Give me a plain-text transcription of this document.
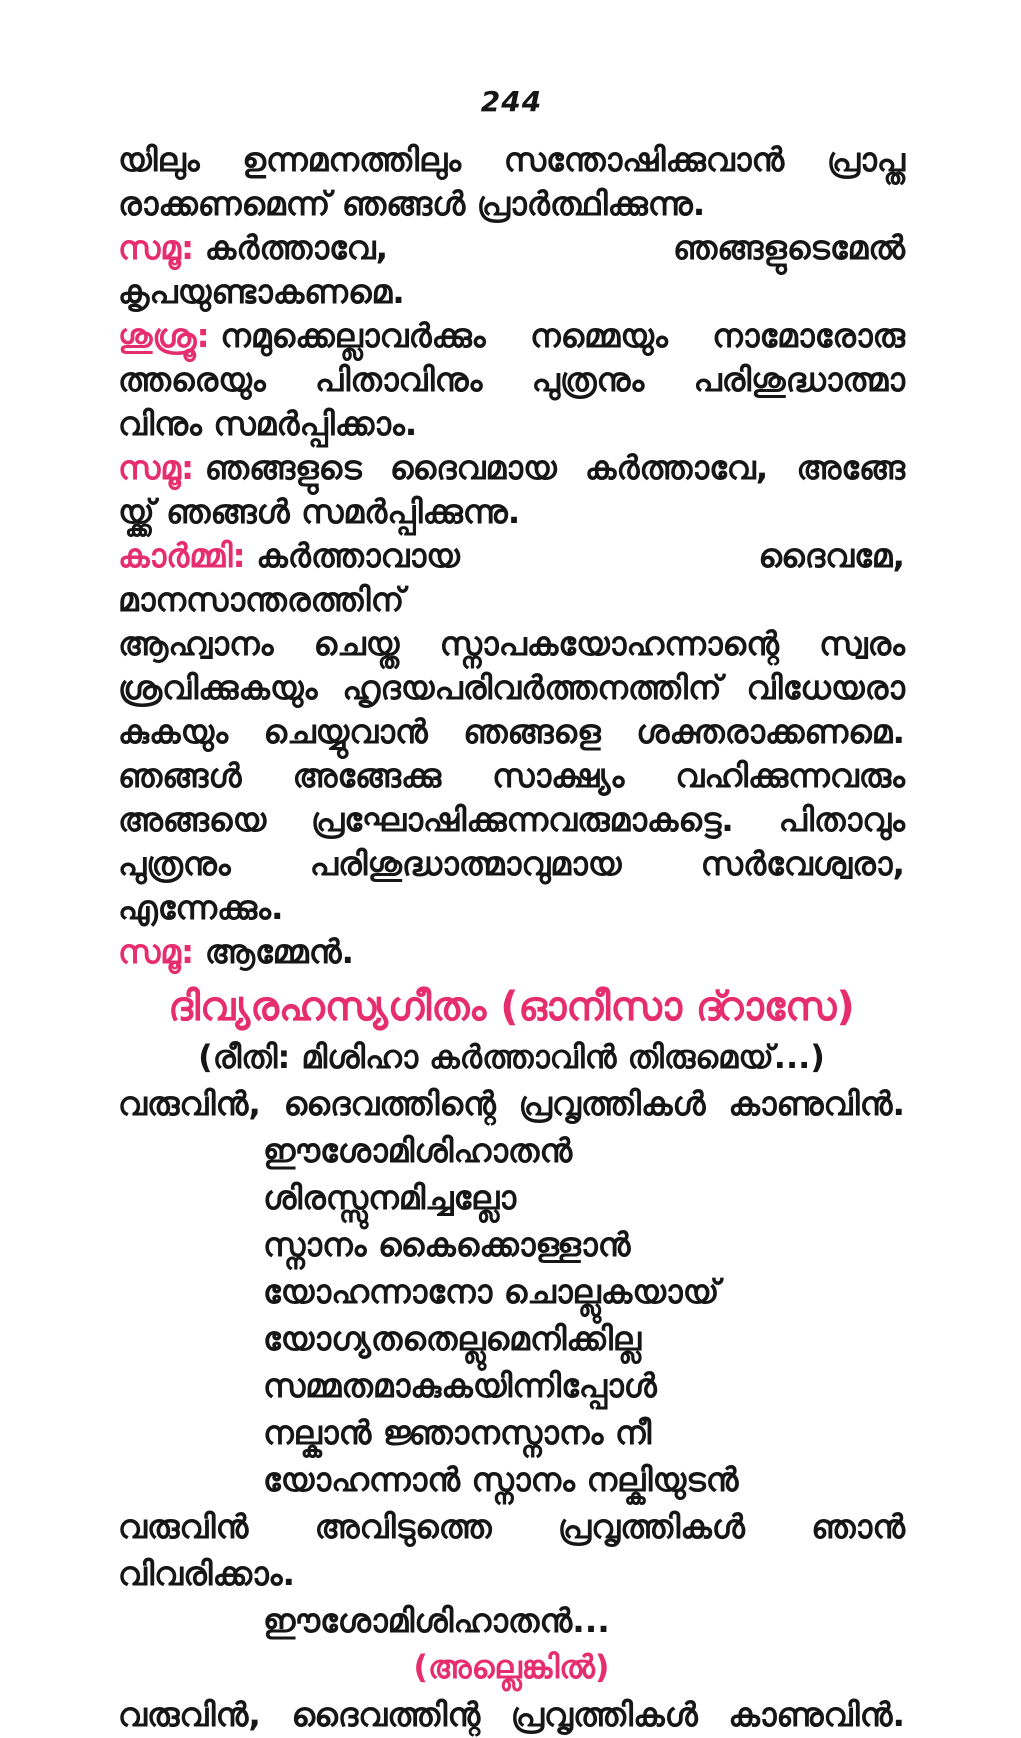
244
യിലും ഉന്നമനത്തിലും സന്തോഷിക്കുവാൻ പ്രാപ്ത
രാക്കണമെന്ന് ഞങ്ങൾ പ്രാർത്ഥിക്കുന്നു.
സമൂ: കർത്താവേ, ഞങ്ങളുടെമേൽ കൃപയുണ്ടാകണമെ.
ശുശ്രൂ: നമുക്കെല്ലാവർക്കും നമ്മെയും നാമോരോരു
ത്തരെയും പിതാവിനും പുത്രനും പരിശുദ്ധാത്മാ
വിനും സമർപ്പിക്കാം.
സമൂ: ഞങ്ങളുടെ ദൈവമായ കർത്താവേ, അങ്ങേ
യ്ക്ക് ഞങ്ങൾ സമർപ്പിക്കുന്നു.
കാർമ്മി: കർത്താവായ ദൈവമേ, മാനസാന്തരത്തിന്
ആഹ്വാനം ചെയ്ത സ്നാപകയോഹന്നാന്റെ സ്വരം
ശ്രവിക്കുകയും ഹൃദയപരിവർത്തനത്തിന് വിധേയരാ
കുകയും ചെയ്യുവാൻ ഞങ്ങളെ ശക്തരാക്കണമെ.
ഞങ്ങൾ അങ്ങേക്കു സാക്ഷ്യം വഹിക്കുന്നവരും
അങ്ങയെ പ്രഘോഷിക്കുന്നവരുമാകട്ടെ. പിതാവും
പുത്രനും പരിശുദ്ധാത്മാവുമായ സർവേശ്വരാ, എന്നേക്കും.
സമൂ: ആമ്മേൻ.
ദിവ്യരഹസ്യഗീതം (ഓനീസാ ദ്റാസേ)
(രീതി: മിശിഹാ കർത്താവിൻ തിരുമെയ്...)
വരുവിൻ, ദൈവത്തിന്റെ പ്രവൃത്തികൾ കാണുവിൻ.
ഈശോമിശിഹാതൻ
ശിരസ്സുനമിച്ചല്ലോ
സ്നാനം കൈക്കൊള്ളാൻ
യോഹന്നാനോ ചൊല്ലുകയായ്
യോഗ്യതതെല്ലുമെനിക്കില്ല
സമ്മതമാകുകയിന്നിപ്പോൾ
നല്കാൻ ജ്ഞാനസ്നാനം നീ
യോഹന്നാൻ സ്നാനം നല്കിയുടൻ
വരുവിൻ അവിടുത്തെ പ്രവൃത്തികൾ ഞാൻ വിവരിക്കാം.
ഈശോമിശിഹാതൻ...
(അല്ലെങ്കിൽ)
വരുവിൻ, ദൈവത്തിന്റ പ്രവൃത്തികൾ കാണുവിൻ.
